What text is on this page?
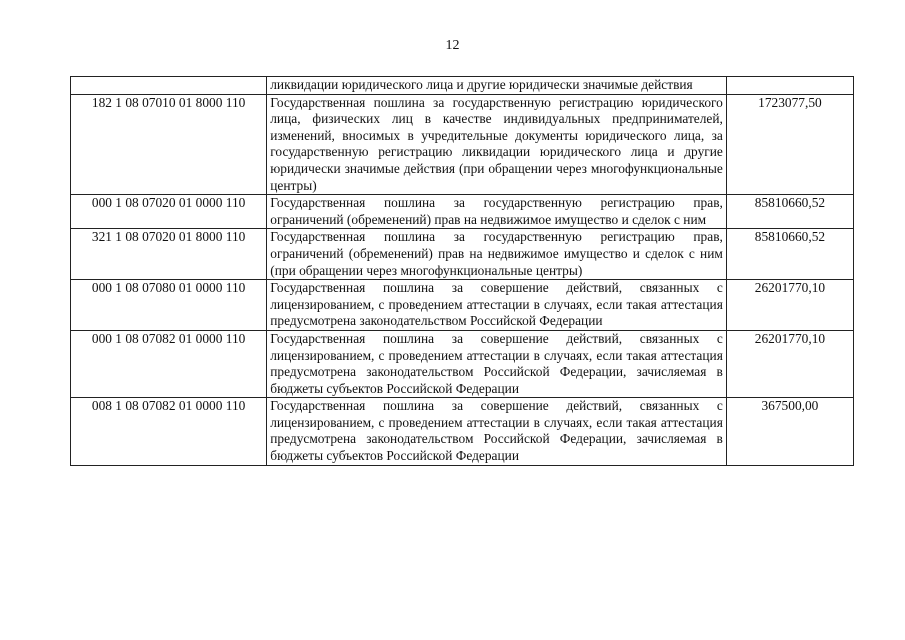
12
	ликвидации юридического лица и другие юридически значимые действия	
182 1 08 07010 01 8000 110	Государственная пошлина за государственную регистрацию юридического лица, физических лиц в качестве индивидуальных предпринимателей, изменений, вносимых в учредительные документы юридического лица, за государственную регистрацию ликвидации юридического лица и другие юридически значимые действия (при обращении через многофункциональные центры)	1723077,50
000 1 08 07020 01 0000 110	Государственная пошлина за государственную регистрацию прав, ограничений (обременений) прав на недвижимое имущество и сделок с ним	85810660,52
321 1 08 07020 01 8000 110	Государственная пошлина за государственную регистрацию прав, ограничений (обременений) прав на недвижимое имущество и сделок с ним (при обращении через многофункциональные центры)	85810660,52
000 1 08 07080 01 0000 110	Государственная пошлина за совершение действий, связанных с лицензированием, с проведением аттестации в случаях, если такая аттестация предусмотрена законодательством Российской Федерации	26201770,10
000 1 08 07082 01 0000 110	Государственная пошлина за совершение действий, связанных с лицензированием, с проведением аттестации в случаях, если такая аттестация предусмотрена законодательством Российской Федерации, зачисляемая в бюджеты субъектов Российской Федерации	26201770,10
008 1 08 07082 01 0000 110	Государственная пошлина за совершение действий, связанных с лицензированием, с проведением аттестации в случаях, если такая аттестация предусмотрена законодательством Российской Федерации, зачисляемая в бюджеты субъектов Российской Федерации	367500,00
